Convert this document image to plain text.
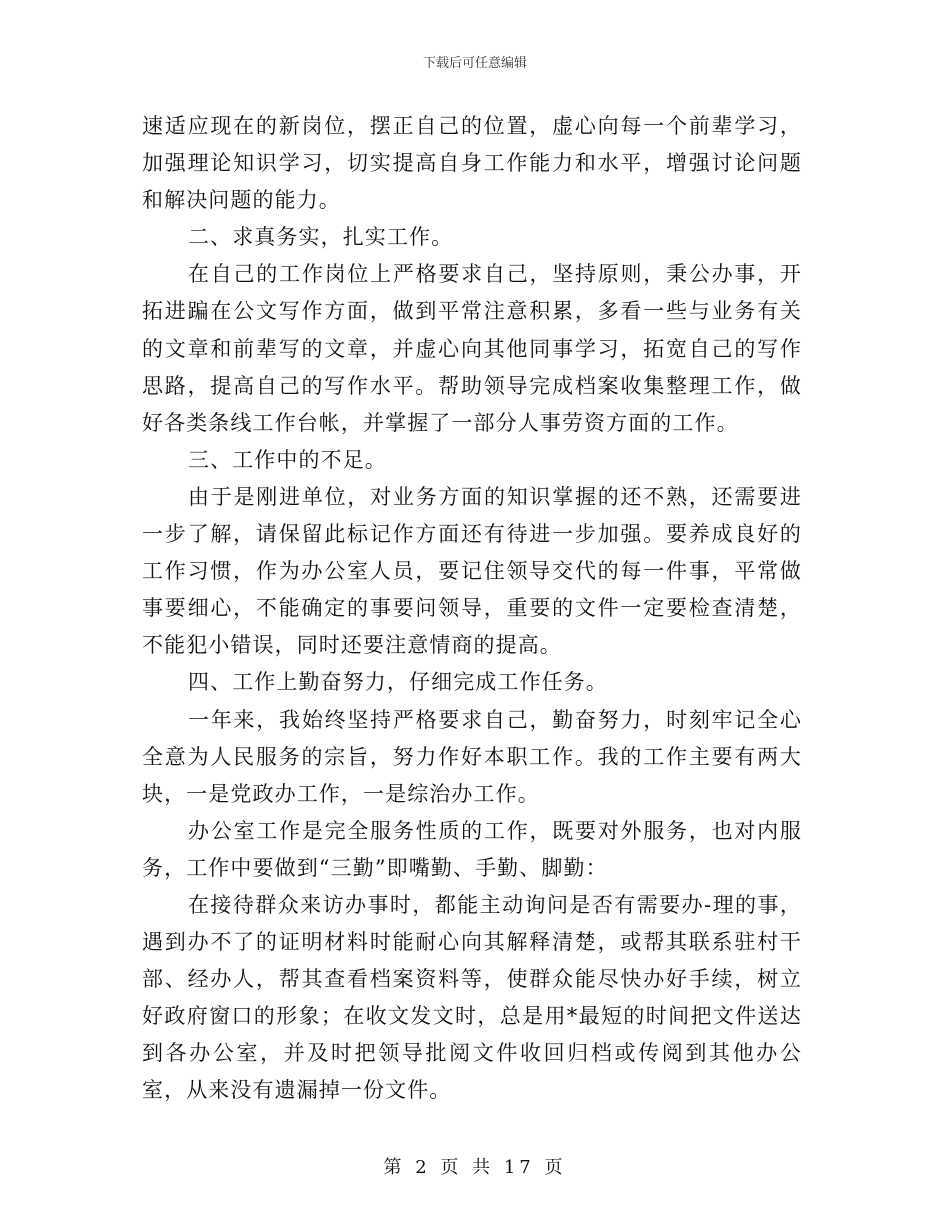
下载后可任意编辑

速适应现在的新岗位，摆正自己的位置，虚心向每一个前辈学习，加强理论知识学习，切实提高自身工作能力和水平，增强讨论问题和解决问题的能力。

二、求真务实，扎实工作。

在自己的工作岗位上严格要求自己，坚持原则，秉公办事，开拓进蹁在公文写作方面，做到平常注意积累，多看一些与业务有关的文章和前辈写的文章，并虚心向其他同事学习，拓宽自己的写作思路，提高自己的写作水平。帮助领导完成档案收集整理工作，做好各类条线工作台帐，并掌握了一部分人事劳资方面的工作。

三、工作中的不足。

由于是刚进单位，对业务方面的知识掌握的还不熟，还需要进一步了解，请保留此标记作方面还有待进一步加强。要养成良好的工作习惯，作为办公室人员，要记住领导交代的每一件事，平常做事要细心，不能确定的事要问领导，重要的文件一定要检查清楚，不能犯小错误，同时还要注意情商的提高。

四、工作上勤奋努力，仔细完成工作任务。

一年来，我始终坚持严格要求自己，勤奋努力，时刻牢记全心全意为人民服务的宗旨，努力作好本职工作。我的工作主要有两大块，一是党政办工作，一是综治办工作。

办公室工作是完全服务性质的工作，既要对外服务，也对内服务，工作中要做到“三勤”即嘴勤、手勤、脚勤：

在接待群众来访办事时，都能主动询问是否有需要办-理的事，遇到办不了的证明材料时能耐心向其解释清楚，或帮其联系驻村干部、经办人，帮其查看档案资料等，使群众能尽快办好手续，树立好政府窗口的形象；在收文发文时，总是用*最短的时间把文件送达到各办公室，并及时把领导批阅文件收回归档或传阅到其他办公室，从来没有遗漏掉一份文件。

第 2 页 共 17 页
